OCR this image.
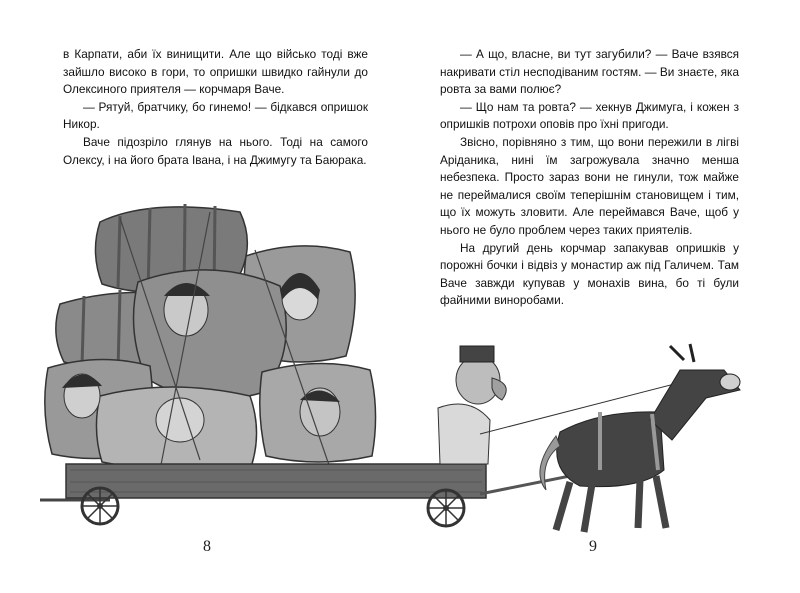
в Карпати, аби їх винищити. Але що військо тоді вже зайшло високо в гори, то опришки швидко гайнули до Олексиного приятеля — корчмаря Ваче.

— Рятуй, братчику, бо гинемо! — бідкався опришок Никор.

Ваче підозріло глянув на нього. Тоді на самого Олексу, і на його брата Івана, і на Джимугу та Баюрака.

— А що, власне, ви тут загубили? — Ваче взявся накривати стіл несподіваним гостям. — Ви знаєте, яка ровта за вами полює?

— Що нам та ровта? — хекнув Джимуга, і кожен з опришків потрохи оповів про їхні пригоди.

Звісно, порівняно з тим, що вони пережили в лігві Аріданика, нині їм загрожувала значно менша небезпека. Просто зараз вони не гинули, тож майже не переймалися своїм теперішнім становищем і тим, що їх можуть зловити. Але переймався Ваче, щоб у нього не було проблем через таких приятелів.

На другий день корчмар запакував опришків у порожні бочки і відвіз у монастир аж під Галичем. Там Ваче завжди купував у монахів вина, бо ті були файними виноробами.

8	9
